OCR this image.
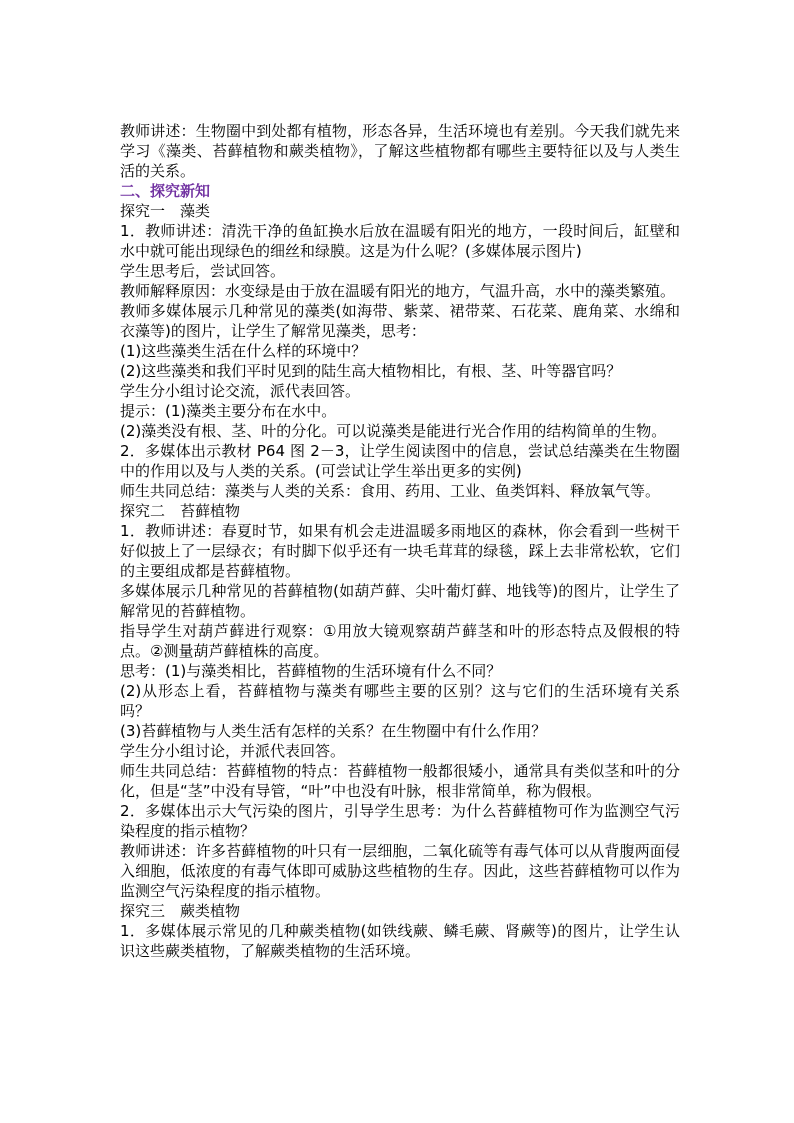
教师讲述：生物圈中到处都有植物，形态各异，生活环境也有差别。今天我们就先来学习《藻类、苔藓植物和蕨类植物》，了解这些植物都有哪些主要特征以及与人类生活的关系。

二、探究新知

探究一　藻类

1．教师讲述：清洗干净的鱼缸换水后放在温暖有阳光的地方，一段时间后，缸壁和水中就可能出现绿色的细丝和绿膜。这是为什么呢？(多媒体展示图片)

学生思考后，尝试回答。

教师解释原因：水变绿是由于放在温暖有阳光的地方，气温升高，水中的藻类繁殖。

教师多媒体展示几种常见的藻类(如海带、紫菜、裙带菜、石花菜、鹿角菜、水绵和衣藻等)的图片，让学生了解常见藻类，思考：

(1)这些藻类生活在什么样的环境中？

(2)这些藻类和我们平时见到的陆生高大植物相比，有根、茎、叶等器官吗？

学生分小组讨论交流，派代表回答。

提示：(1)藻类主要分布在水中。

(2)藻类没有根、茎、叶的分化。可以说藻类是能进行光合作用的结构简单的生物。

2．多媒体出示教材 P64 图 2－3，让学生阅读图中的信息，尝试总结藻类在生物圈中的作用以及与人类的关系。(可尝试让学生举出更多的实例)

师生共同总结：藻类与人类的关系：食用、药用、工业、鱼类饵料、释放氧气等。

探究二　苔藓植物

1．教师讲述：春夏时节，如果有机会走进温暖多雨地区的森林，你会看到一些树干好似披上了一层绿衣；有时脚下似乎还有一块毛茸茸的绿毯，踩上去非常松软，它们的主要组成都是苔藓植物。

多媒体展示几种常见的苔藓植物(如葫芦藓、尖叶葡灯藓、地钱等)的图片，让学生了解常见的苔藓植物。

指导学生对葫芦藓进行观察：①用放大镜观察葫芦藓茎和叶的形态特点及假根的特点。②测量葫芦藓植株的高度。

思考：(1)与藻类相比，苔藓植物的生活环境有什么不同？

(2)从形态上看，苔藓植物与藻类有哪些主要的区别？这与它们的生活环境有关系吗？

(3)苔藓植物与人类生活有怎样的关系？在生物圈中有什么作用？

学生分小组讨论，并派代表回答。

师生共同总结：苔藓植物的特点：苔藓植物一般都很矮小，通常具有类似茎和叶的分化，但是“茎”中没有导管，“叶”中也没有叶脉，根非常简单，称为假根。

2．多媒体出示大气污染的图片，引导学生思考：为什么苔藓植物可作为监测空气污染程度的指示植物？

教师讲述：许多苔藓植物的叶只有一层细胞，二氧化硫等有毒气体可以从背腹两面侵入细胞，低浓度的有毒气体即可威胁这些植物的生存。因此，这些苔藓植物可以作为监测空气污染程度的指示植物。

探究三　蕨类植物

1．多媒体展示常见的几种蕨类植物(如铁线蕨、鳞毛蕨、肾蕨等)的图片，让学生认识这些蕨类植物，了解蕨类植物的生活环境。
